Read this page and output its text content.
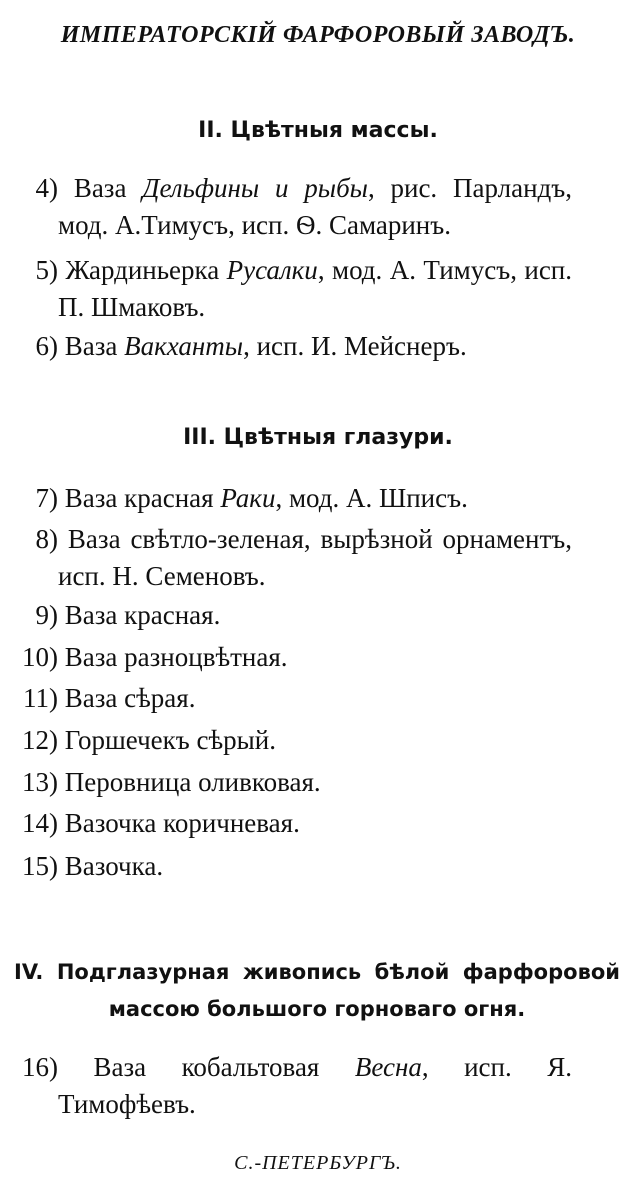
ИМПЕРАТОРСКІЙ ФАРФОРОВЫЙ ЗАВОДЪ.
II. Цвѣтныя массы.
4) Ваза Дельфины и рыбы, рис. Парландъ, мод. А.Тимусъ, исп. Ѳ. Самаринъ.
5) Жардиньерка Русалки, мод. А. Тимусъ, исп. П. Шмаковъ.
6) Ваза Вакханты, исп. И. Мейснеръ.
III. Цвѣтныя глазури.
7) Ваза красная Раки, мод. А. Шписъ.
8) Ваза свѣтло-зеленая, вырѣзной орнаментъ, исп. Н. Семеновъ.
9) Ваза красная.
10) Ваза разноцвѣтная.
11) Ваза сѣрая.
12) Горшечекъ сѣрый.
13) Перовница оливковая.
14) Вазочка коричневая.
15) Вазочка.
IV. Подглазурная живопись бѣлой фарфоровой массою большого горноваго огня.
16) Ваза кобальтовая Весна, исп. Я. Тимофѣевъ.
С.-ПЕТЕРБУРГЪ.
